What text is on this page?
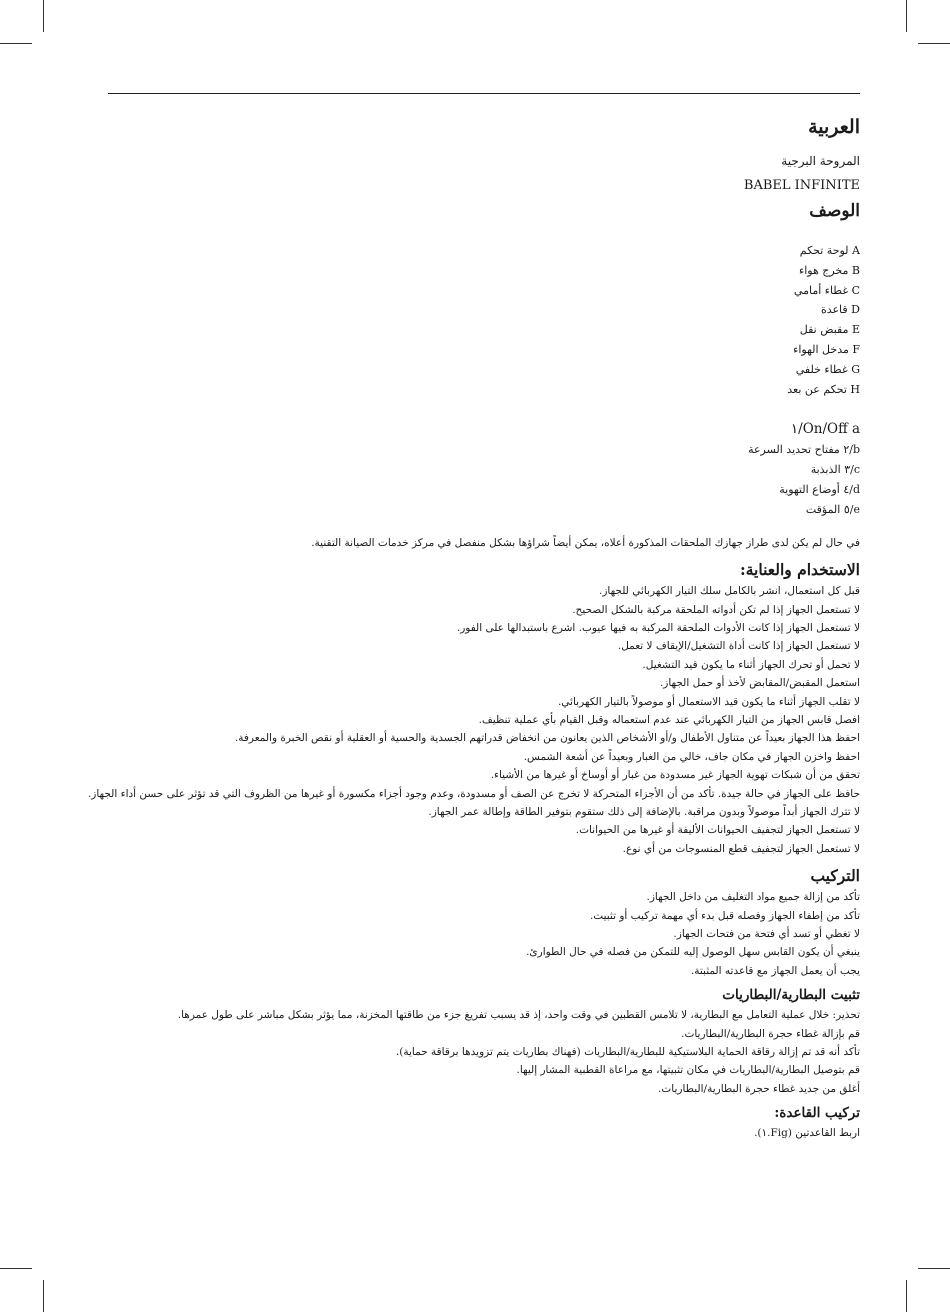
العربية
المروحة البرجية
BABEL INFINITE
الوصف
A لوحة تحكم
B مخرج هواء
C غطاء أمامي
D قاعدة
E مقبض نقل
F مدخل الهواء
G غطاء خلفي
H تحكم عن بعد
On/Off a/١
b/٢ مفتاح تحديد السرعة
c/٣ الذبذبة
d/٤ أوضاع التهوية
e/٥ المؤقت
في حال لم يكن لدى طراز جهازك الملحقات المذكورة أعلاه، يمكن أيضاً شراؤها بشكل منفصل في مركز خدمات الصيانة التقنية.
الاستخدام والعناية:
قبل كل استعمال، انشر بالكامل سلك التيار الكهربائي للجهاز.
لا تستعمل الجهاز إذا لم تكن أدواته الملحقة مركبة بالشكل الصحيح.
لا تستعمل الجهاز إذا كانت الأدوات الملحقة المركبة به فيها عيوب. اشرع باستبدالها على الفور.
لا تستعمل الجهاز إذا كانت أداة التشغيل/الإيقاف لا تعمل.
لا تحمل أو تحرك الجهاز أثناء ما يكون قيد التشغيل.
استعمل المقبض/المقابض لأخذ أو حمل الجهاز.
لا تقلب الجهاز أثناء ما يكون قيد الاستعمال أو موصولاً بالتيار الكهربائي.
افصل قابس الجهاز من التيار الكهربائي عند عدم استعماله وقبل القيام بأي عملية تنظيف.
احفظ هذا الجهاز بعيداً عن متناول الأطفال و/أو الأشخاص الذين يعانون من انخفاض قدراتهم الجسدية والحسية أو العقلية أو نقص الخبرة والمعرفة.
احفظ واخزن الجهاز في مكان جاف، خالي من الغبار وبعيداً عن أشعة الشمس.
تحقق من أن شبكات تهوية الجهاز غير مسدودة من غبار أو أوساخ أو غيرها من الأشياء.
حافظ على الجهاز في حالة جيدة. تأكد من أن الأجزاء المتحركة لا تخرج عن الصف أو مسدودة، وعدم وجود أجزاء مكسورة أو غيرها من الظروف التي قد تؤثر على حسن أداء الجهاز.
لا تترك الجهاز أبداً موصولاً وبدون مراقبة. بالإضافة إلى ذلك ستقوم بتوفير الطاقة وإطالة عمر الجهاز.
لا تستعمل الجهاز لتجفيف الحيوانات الأليفة أو غيرها من الحيوانات.
لا تستعمل الجهاز لتجفيف قطع المنسوجات من أي نوع.
التركيب
تأكد من إزالة جميع مواد التغليف من داخل الجهاز.
تأكد من إطفاء الجهاز وفصله قبل بدء أي مهمة تركيب أو تثبيت.
لا تغطي أو تسد أي فتحة من فتحات الجهاز.
ينبغي أن يكون القابس سهل الوصول إليه للتمكن من فصله في حال الطوارئ.
يجب أن يعمل الجهاز مع قاعدته المثبتة.
تثبيت البطارية/البطاريات
تحذير: خلال عملية التعامل مع البطارية، لا تلامس القطبين في وقت واحد، إذ قد يسبب تفريغ جزء من طاقتها المخزنة، مما يؤثر بشكل مباشر على طول عمرها.
قم بإزالة غطاء حجرة البطارية/البطاريات.
تأكد أنه قد تم إزالة رقاقة الحماية البلاستيكية للبطارية/البطاريات (فهناك بطاريات يتم تزويدها برقاقة حماية).
قم بتوصيل البطارية/البطاريات في مكان تثبيتها، مع مراعاة القطبية المشار إليها.
أغلق من جديد غطاء حجرة البطارية/البطاريات.
تركيب القاعدة:
اربط القاعدتين (Fig.١).
